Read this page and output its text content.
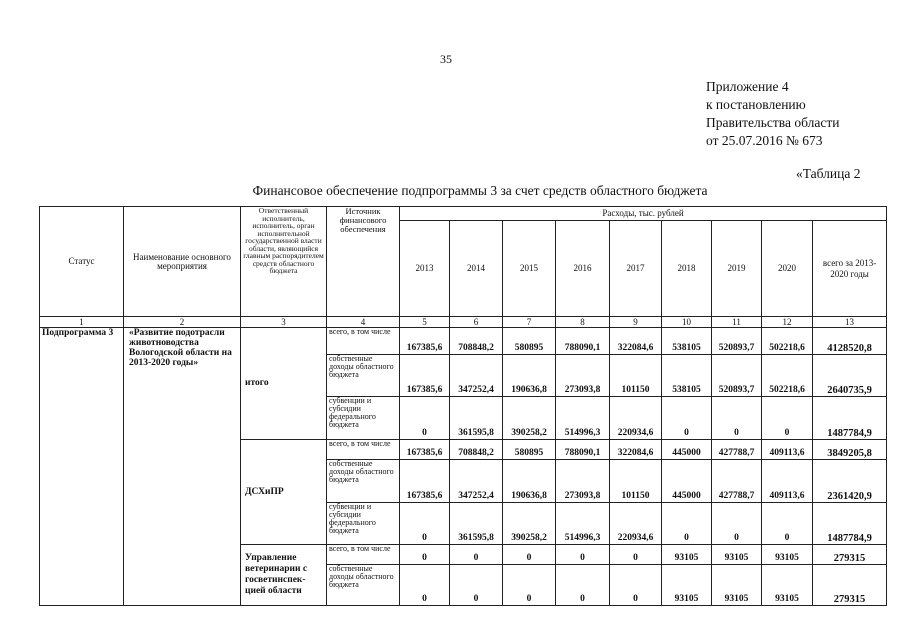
35
Приложение 4
к постановлению
Правительства области
от 25.07.2016 № 673
«Таблица 2
Финансовое обеспечение подпрограммы 3 за счет средств областного бюджета
Статус	Наименование основного мероприятия	Ответственный исполнитель, исполнитель, орган исполнительной государственной власти области, являющийся главным распорядителем средств областного бюджета	Источник финансового обеспечения	Расходы, тыс. рублей								
				2013	2014	2015	2016	2017	2018	2019	2020	всего за 2013-2020 годы
1	2	3	4	5	6	7	8	9	10	11	12	13
Подпрограмма 3	«Развитие подотрасли животноводства Вологодской области на 2013-2020 годы»	итого	всего, в том числе	167385,6	708848,2	580895	788090,1	322084,6	538105	520893,7	502218,6	4128520,8
			собственные доходы областного бюджета	167385,6	347252,4	190636,8	273093,8	101150	538105	520893,7	502218,6	2640735,9
			субвенции и субсидии федерального бюджета	0	361595,8	390258,2	514996,3	220934,6	0	0	0	1487784,9
		ДСХиПР	всего, в том числе	167385,6	708848,2	580895	788090,1	322084,6	445000	427788,7	409113,6	3849205,8
			собственные доходы областного бюджета	167385,6	347252,4	190636,8	273093,8	101150	445000	427788,7	409113,6	2361420,9
			субвенции и субсидии федерального бюджета	0	361595,8	390258,2	514996,3	220934,6	0	0	0	1487784,9
		Управление ветеринарии с госветинспек-цией области	всего, в том числе	0	0	0	0	0	93105	93105	93105	279315
			собственные доходы областного бюджета	0	0	0	0	0	93105	93105	93105	279315
